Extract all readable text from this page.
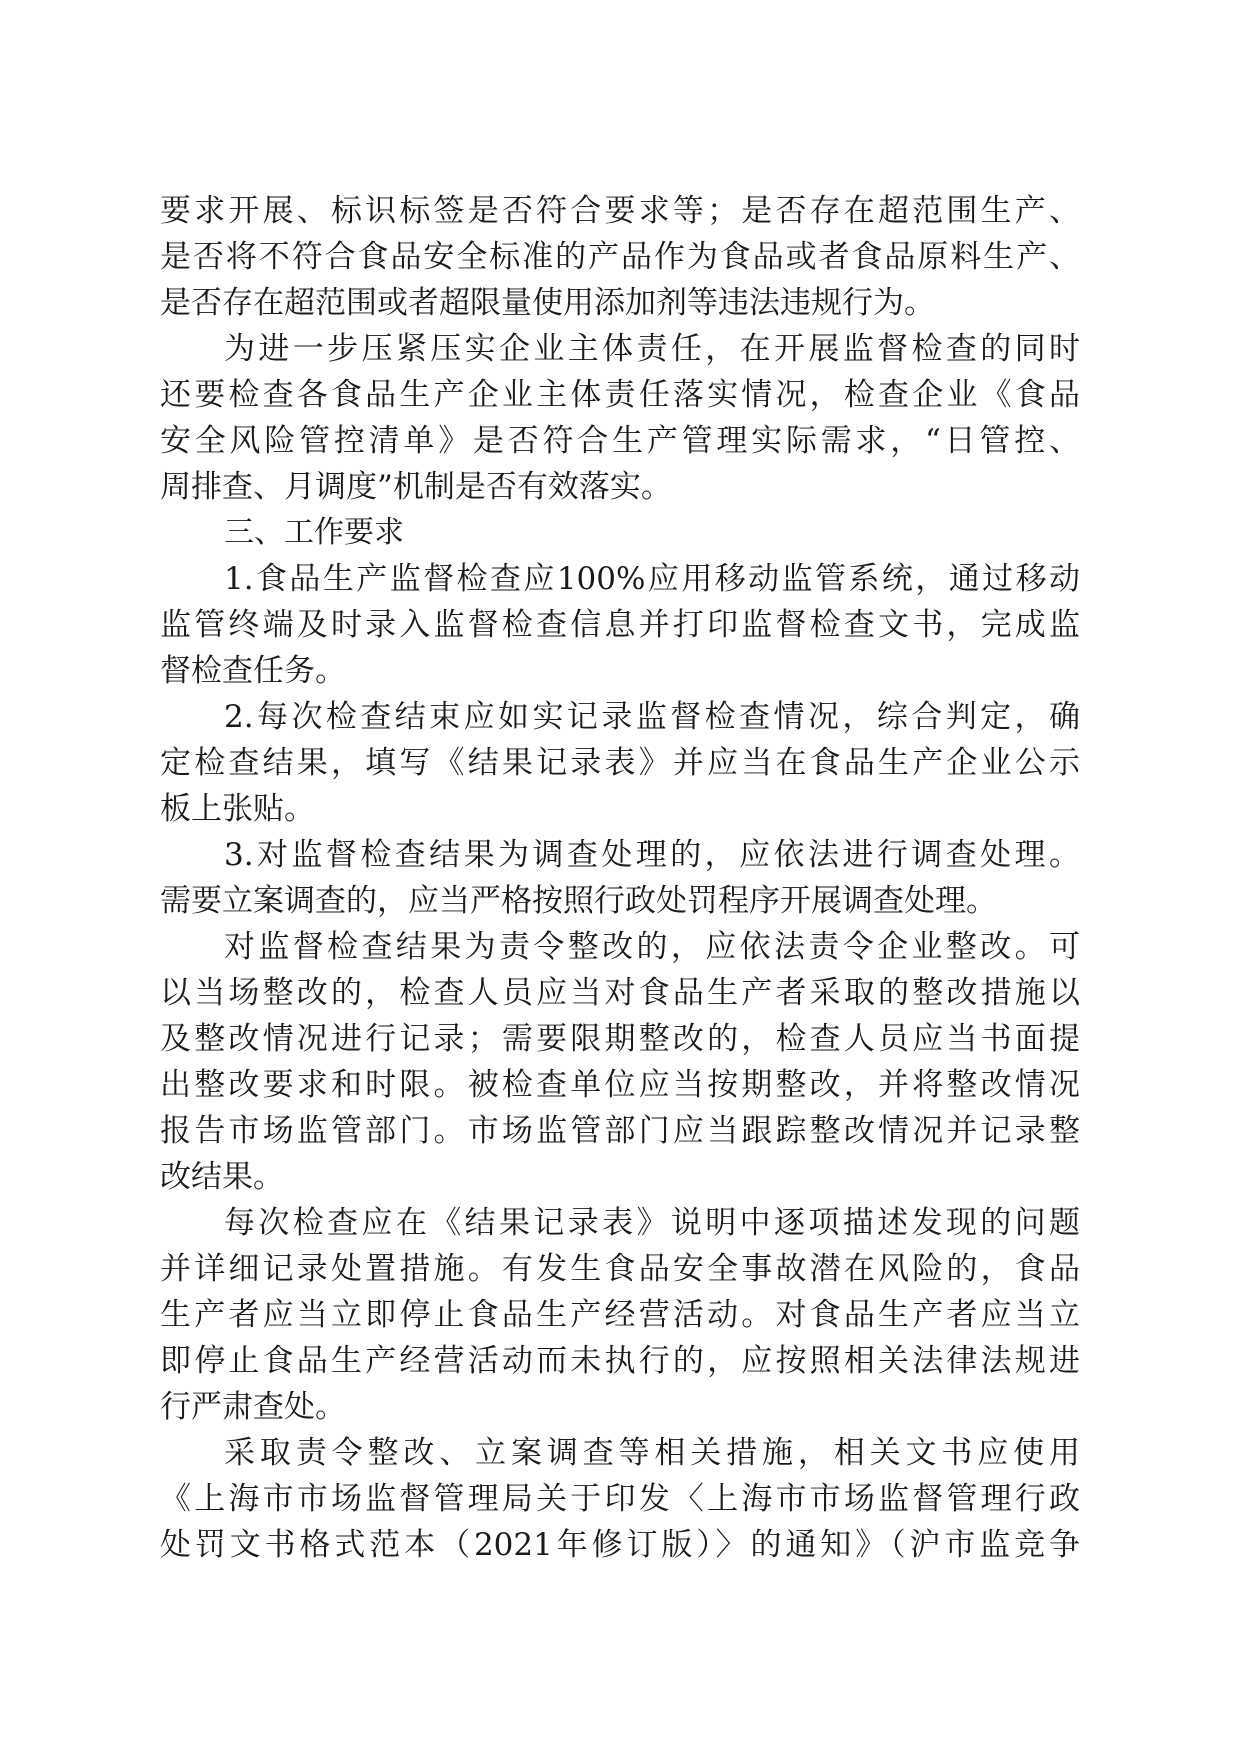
要求开展、标识标签是否符合要求等；是否存在超范围生产、
是否将不符合食品安全标准的产品作为食品或者食品原料生产、
是否存在超范围或者超限量使用添加剂等违法违规行为。
为进一步压紧压实企业主体责任，在开展监督检查的同时
还要检查各食品生产企业主体责任落实情况，检查企业《食品
安全风险管控清单》是否符合生产管理实际需求，“日管控、
周排查、月调度”机制是否有效落实。
三、工作要求
1.食品生产监督检查应100%应用移动监管系统，通过移动
监管终端及时录入监督检查信息并打印监督检查文书，完成监
督检查任务。
2.每次检查结束应如实记录监督检查情况，综合判定，确
定检查结果，填写《结果记录表》并应当在食品生产企业公示
板上张贴。
3.对监督检查结果为调查处理的，应依法进行调查处理。
需要立案调查的，应当严格按照行政处罚程序开展调查处理。
对监督检查结果为责令整改的，应依法责令企业整改。可
以当场整改的，检查人员应当对食品生产者采取的整改措施以
及整改情况进行记录；需要限期整改的，检查人员应当书面提
出整改要求和时限。被检查单位应当按期整改，并将整改情况
报告市场监管部门。市场监管部门应当跟踪整改情况并记录整
改结果。
每次检查应在《结果记录表》说明中逐项描述发现的问题
并详细记录处置措施。有发生食品安全事故潜在风险的，食品
生产者应当立即停止食品生产经营活动。对食品生产者应当立
即停止食品生产经营活动而未执行的，应按照相关法律法规进
行严肃查处。
采取责令整改、立案调查等相关措施，相关文书应使用
《上海市市场监督管理局关于印发〈上海市市场监督管理行政
处罚文书格式范本（2021年修订版）〉的通知》（沪市监竞争
